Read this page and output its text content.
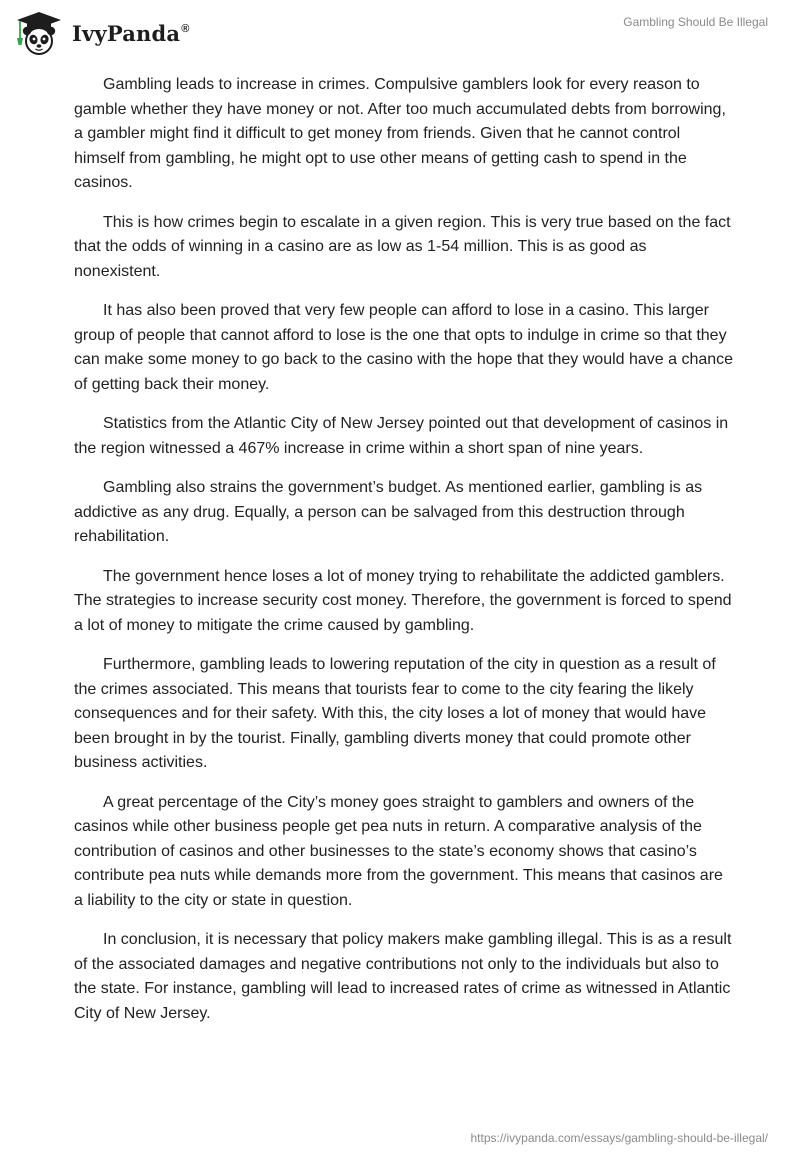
IvyPanda®	Gambling Should Be Illegal

Gambling leads to increase in crimes. Compulsive gamblers look for every reason to gamble whether they have money or not. After too much accumulated debts from borrowing, a gambler might find it difficult to get money from friends. Given that he cannot control himself from gambling, he might opt to use other means of getting cash to spend in the casinos.

This is how crimes begin to escalate in a given region. This is very true based on the fact that the odds of winning in a casino are as low as 1-54 million. This is as good as nonexistent.

It has also been proved that very few people can afford to lose in a casino. This larger group of people that cannot afford to lose is the one that opts to indulge in crime so that they can make some money to go back to the casino with the hope that they would have a chance of getting back their money.

Statistics from the Atlantic City of New Jersey pointed out that development of casinos in the region witnessed a 467% increase in crime within a short span of nine years.

Gambling also strains the government’s budget. As mentioned earlier, gambling is as addictive as any drug. Equally, a person can be salvaged from this destruction through rehabilitation.

The government hence loses a lot of money trying to rehabilitate the addicted gamblers. The strategies to increase security cost money. Therefore, the government is forced to spend a lot of money to mitigate the crime caused by gambling.

Furthermore, gambling leads to lowering reputation of the city in question as a result of the crimes associated. This means that tourists fear to come to the city fearing the likely consequences and for their safety. With this, the city loses a lot of money that would have been brought in by the tourist. Finally, gambling diverts money that could promote other business activities.

A great percentage of the City’s money goes straight to gamblers and owners of the casinos while other business people get pea nuts in return. A comparative analysis of the contribution of casinos and other businesses to the state’s economy shows that casino’s contribute pea nuts while demands more from the government. This means that casinos are a liability to the city or state in question.

In conclusion, it is necessary that policy makers make gambling illegal. This is as a result of the associated damages and negative contributions not only to the individuals but also to the state. For instance, gambling will lead to increased rates of crime as witnessed in Atlantic City of New Jersey.

https://ivypanda.com/essays/gambling-should-be-illegal/
